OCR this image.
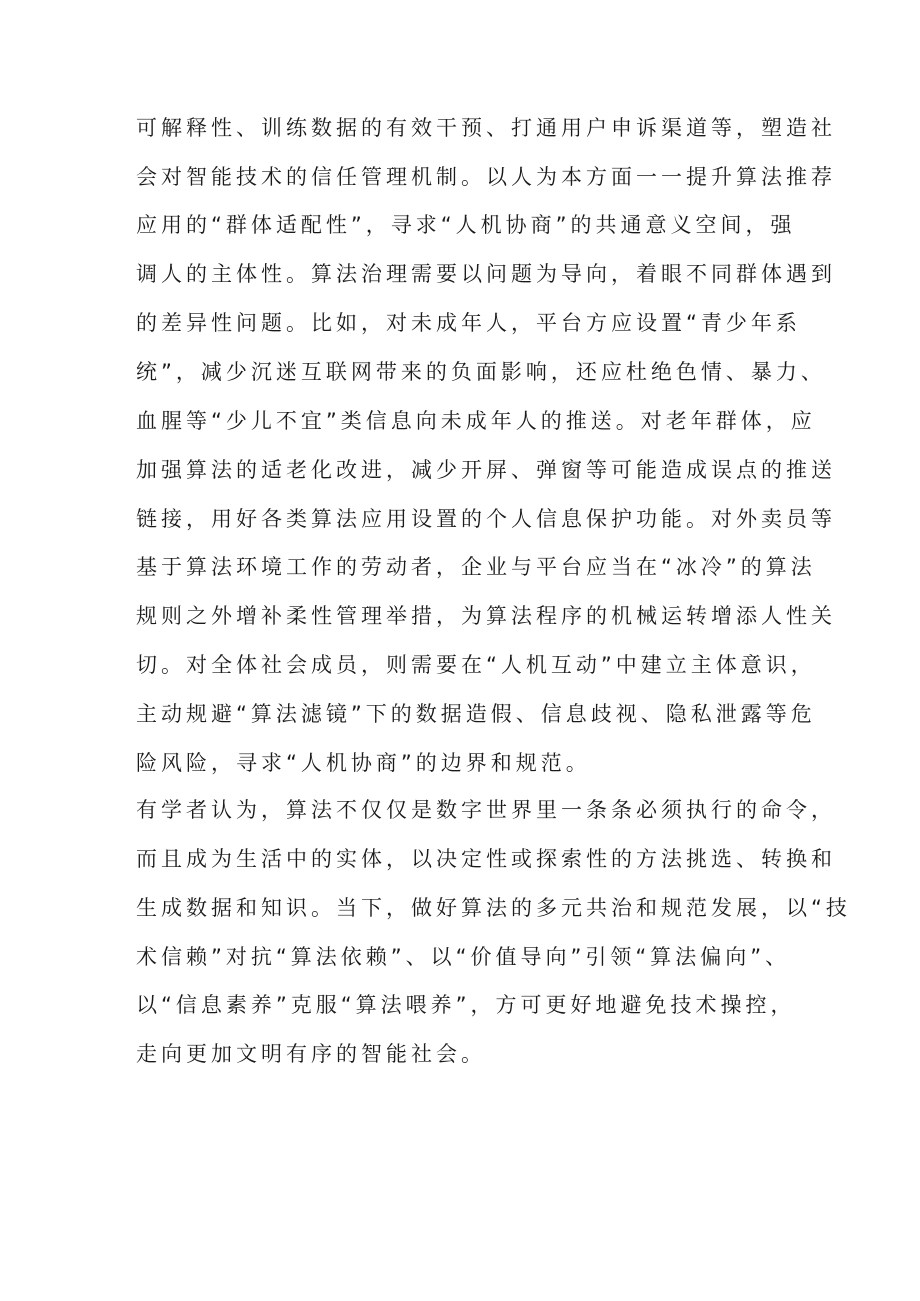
可解释性、训练数据的有效干预、打通用户申诉渠道等，塑造社

会对智能技术的信任管理机制。以人为本方面一一提升算法推荐

应用的“群体适配性”，寻求“人机协商”的共通意义空间，强

调人的主体性。算法治理需要以问题为导向，着眼不同群体遇到

的差异性问题。比如，对未成年人，平台方应设置“青少年系

统”，减少沉迷互联网带来的负面影响，还应杜绝色情、暴力、

血腥等“少儿不宜”类信息向未成年人的推送。对老年群体，应

加强算法的适老化改进，减少开屏、弹窗等可能造成误点的推送

链接，用好各类算法应用设置的个人信息保护功能。对外卖员等

基于算法环境工作的劳动者，企业与平台应当在“冰冷”的算法

规则之外增补柔性管理举措，为算法程序的机械运转增添人性关

切。对全体社会成员，则需要在“人机互动”中建立主体意识，

主动规避“算法滤镜”下的数据造假、信息歧视、隐私泄露等危

险风险，寻求“人机协商”的边界和规范。

有学者认为，算法不仅仅是数字世界里一条条必须执行的命令，

而且成为生活中的实体，以决定性或探索性的方法挑选、转换和

生成数据和知识。当下，做好算法的多元共治和规范发展，以“技

术信赖”对抗“算法依赖”、以“价值导向”引领“算法偏向”、

以“信息素养”克服“算法喂养”，方可更好地避免技术操控，

走向更加文明有序的智能社会。
